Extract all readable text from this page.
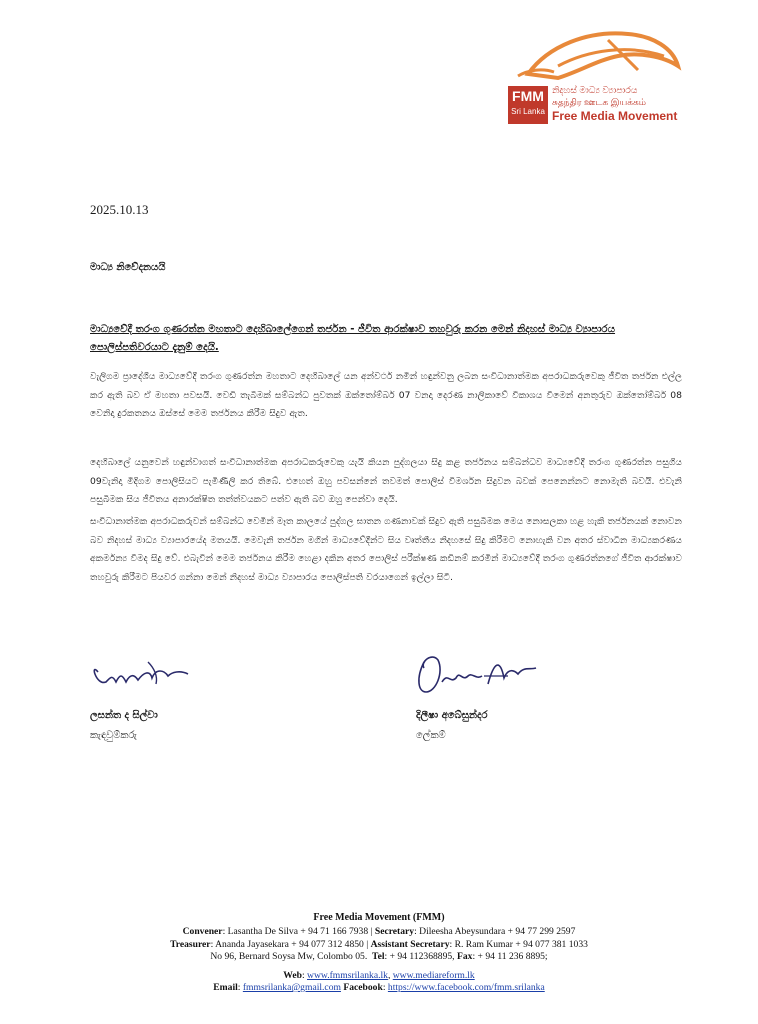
FMM
Sri Lanka
නිදහස් මාධ්‍ය ව්‍යාපාරය
சுதந்திர ஊடக இயக்கம்
Free Media Movement
2025.10.13
මාධ්‍ය නිවේදනයයි
මාධ්‍යවේදී තරංග ගුණරත්න මහතාට දෙහිබාලේගෙන් තර්ජන - ජීවිත ආරක්ෂාව තහවුරු කරන මෙන් නිදහස් මාධ්‍ය ව්‍යාපාරය පොලිස්පතිවරයාට දැනුම් දෙයි.
වැලිගම ප්‍රාදේශීය මාධ්‍යවේදී තරංග ගුණරත්න මහතාට දෙහිබාලේ යන අන්වර්ථ නමින් හඳුන්වනු ලබන සංවිධානාත්මක අපරාධකරුවෙකු ජීවිත තර්ජන එල්ල කර ඇති බව ඒ මහතා පවසයි. වෙඩි තැබීමක් සම්බන්ධ පුවතක් ඔක්තෝම්බර් 07 වනදා දෙරණ නාලිකාවේ විකාශය වීමෙන් අනතුරුව ඔක්තෝම්බර් 08 වෙනිදා දුරකතනය ඔස්සේ මෙම තර්ජනය කිරීම සිදුව ඇත.
දෙහිබාලේ යනුවෙන් හඳුන්වාගත් සංවිධානාත්මක අපරාධකරුවෙකු යැයි කියන පුද්ගලයා සිදු කළ තර්ජනය සම්බන්ධව මාධ්‍යවේදී තරංග ගුණරත්න පසුගිය 09වැනිදා මිදිගම පොලිසියට පැමිණිලි කර තිබේ. එහෙත් ඔහු පවසන්නේ තවමත් පොලිස් විමර්ශන සිදුවන බවක් පෙනෙන්නට නොමැති බවයි. එවැනි පසුබිමක සිය ජීවිතය අනාරක්ෂිත තත්ත්වයකට පත්ව ඇති බව ඔහු පෙන්වා දෙයි.
සංවිධානාත්මක අපරාධකරුවන් සම්බන්ධ වෙමින් මෑත කාලයේ පුද්ගල ඝාතන ගණනාවක් සිදුව ඇති පසුබිමක මෙය නොසලකා හළ හැකි තර්ජනයක් නොවන බව නිදහස් මාධ්‍ය ව්‍යාපාරයේද මතයයි. මෙවැනි තර්ජන මගින් මාධ්‍යවේදීන්ට සිය වෘත්තීය නිදහසේ සිදු කිරීමට නොහැකි වන අතර ස්වාධීන මාධ්‍යකරණය අකර්මන්‍ය වීමද සිදු වේ. එබැවින් මෙම තර්ජනය කිරීම හෙළා දකින අතර පොලිස් පරීක්ෂණ කඩිනම් කරමින් මාධ්‍යවේදී තරංග ගුණරත්නගේ ජීවිත ආරක්ෂාව තහවුරු කිරීමට පියවර ගන්නා මෙන් නිදහස් මාධ්‍ය ව්‍යාපාරය පොලිස්පති වරයාගෙන් ඉල්ලා සිටී.
ලසන්ත ද සිල්වා
කැඳවුම්කරු
දිලීෂා අබේසුන්දර
ලේකම්
Free Media Movement (FMM)
Convener: Lasantha De Silva + 94 71 166 7938 | Secretary: Dileesha Abeysundara + 94 77 299 2597
Treasurer: Ananda Jayasekara + 94 077 312 4850 | Assistant Secretary: R. Ram Kumar + 94 077 381 1033
No 96, Bernard Soysa Mw, Colombo 05. Tel: + 94 112368895, Fax: + 94 11 236 8895;
Web: www.fmmsrilanka.lk, www.mediareform.lk
Email: fmmsrilanka@gmail.com Facebook: https://www.facebook.com/fmm.srilanka
